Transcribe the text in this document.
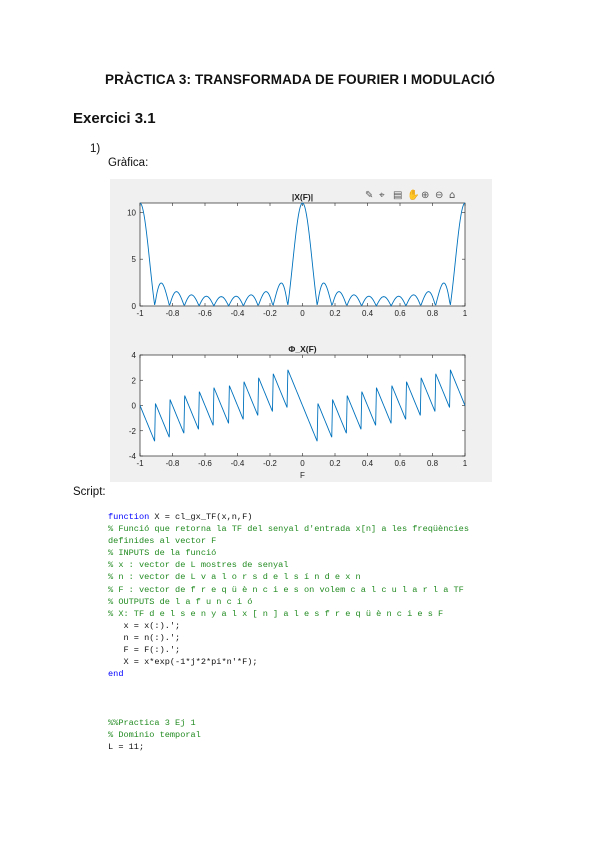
PRÀCTICA 3: TRANSFORMADA DE FOURIER I MODULACIÓ
Exercici 3.1
1)
Gràfica:
✎ ⌖ ▤ ✋ ⊕ ⊖ ⌂
-1	-0.8 -0.6 -0.4 -0.2	0	0.2	0.4	0.6	0.8	1
0
5
10
|X(F)|
-1	-0.8 -0.6 -0.4 -0.2	0	0.2	0.4	0.6	0.8	1
-4
-2
0
2
4
Φ_X(F)
F
Script:
function X = cl_gx_TF(x,n,F)
% Funció que retorna la TF del senyal d'entrada x[n] a les freqüències
definides al vector F
% INPUTS de la funció
% x : vector de L mostres de senyal
% n : vector de L v a l o r s d e l s í n d e x n
% F : vector de f r e q ü è n c i e s on volem c a l c u l a r l a TF
% OUTPUTS de l a f u n c i ó
% X: TF d e l s e n y a l x [ n ] a l e s f r e q ü è n c i e s F
x = x(:).';
n = n(:).';
F = F(:).';
X = x*exp(-1*j*2*pi*n'*F);
end

%%Practica 3 Ej 1
% Dominio temporal
L = 11;
